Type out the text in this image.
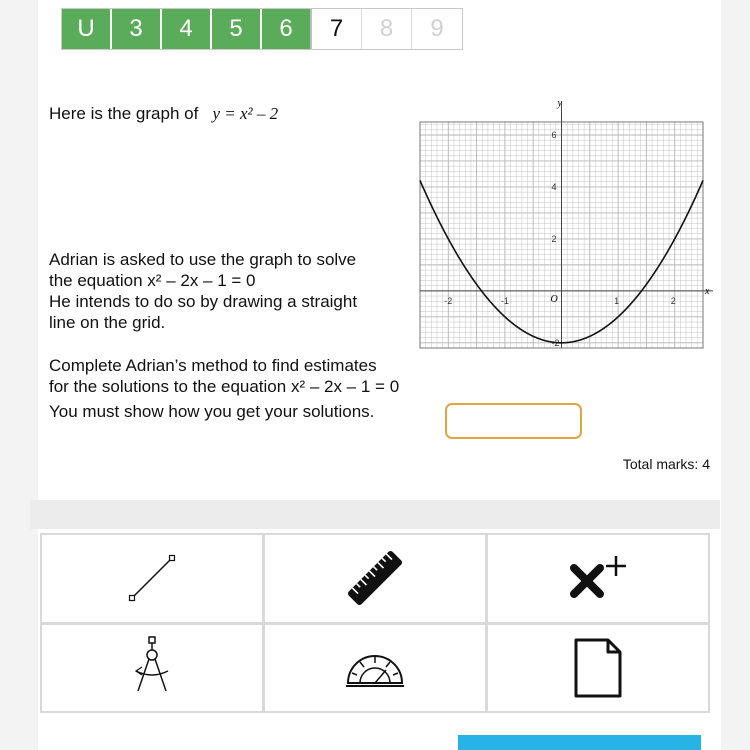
U	3	4	5	6	7	8	9
Here is the graph of y = x² – 2
Adrian is asked to use the graph to solve
the equation x² – 2x – 1 = 0
He intends to do so by drawing a straight
line on the grid.
Complete Adrian’s method to find estimates
for the solutions to the equation x² – 2x – 1 = 0
You must show how you get your solutions.
-2	-1	1	2
6
4
2
-2
x
y
O
Total marks: 4
